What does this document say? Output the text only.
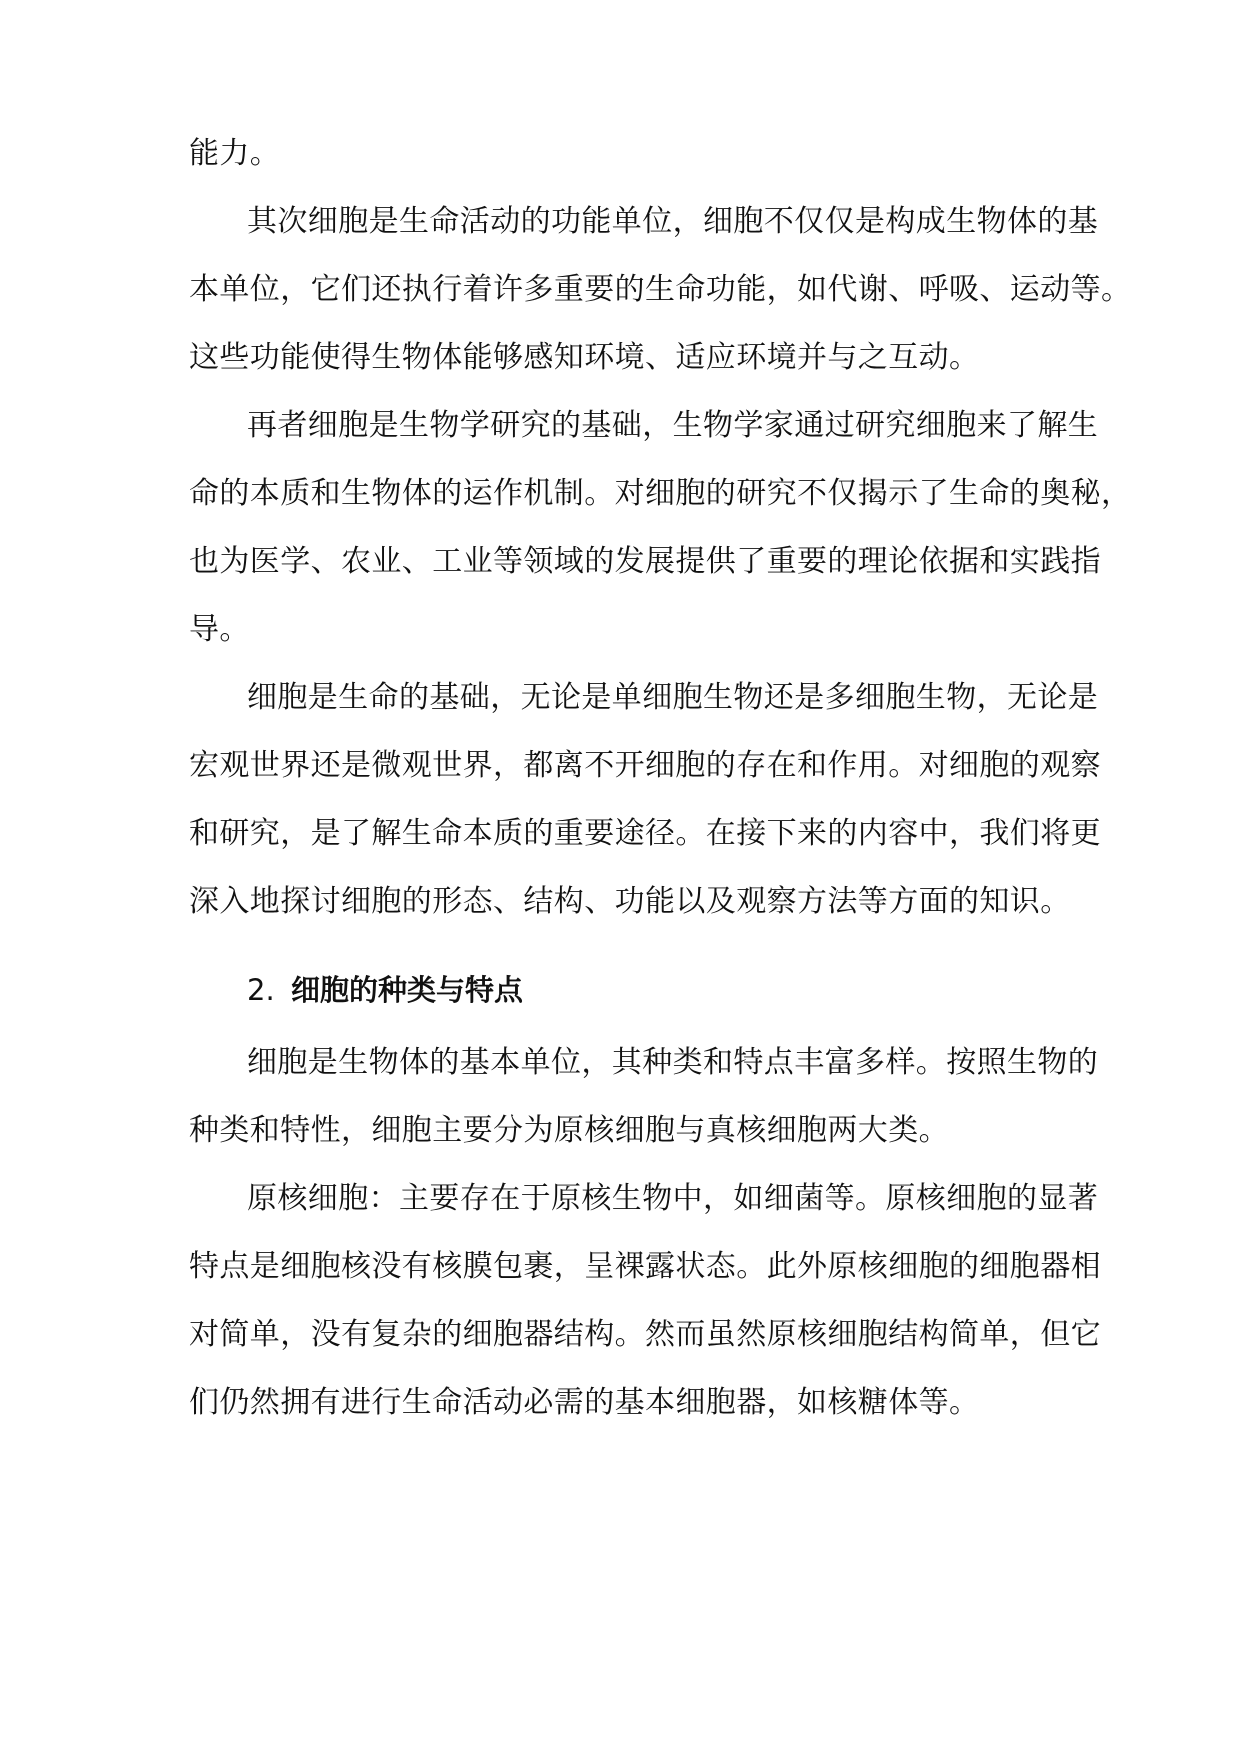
能力。
其次细胞是生命活动的功能单位，细胞不仅仅是构成生物体的基
本单位，它们还执行着许多重要的生命功能，如代谢、呼吸、运动等。
这些功能使得生物体能够感知环境、适应环境并与之互动。
再者细胞是生物学研究的基础，生物学家通过研究细胞来了解生
命的本质和生物体的运作机制。对细胞的研究不仅揭示了生命的奥秘，
也为医学、农业、工业等领域的发展提供了重要的理论依据和实践指
导。
细胞是生命的基础，无论是单细胞生物还是多细胞生物，无论是
宏观世界还是微观世界，都离不开细胞的存在和作用。对细胞的观察
和研究，是了解生命本质的重要途径。在接下来的内容中，我们将更
深入地探讨细胞的形态、结构、功能以及观察方法等方面的知识。
2. 细胞的种类与特点
细胞是生物体的基本单位，其种类和特点丰富多样。按照生物的
种类和特性，细胞主要分为原核细胞与真核细胞两大类。
原核细胞：主要存在于原核生物中，如细菌等。原核细胞的显著
特点是细胞核没有核膜包裹，呈裸露状态。此外原核细胞的细胞器相
对简单，没有复杂的细胞器结构。然而虽然原核细胞结构简单，但它
们仍然拥有进行生命活动必需的基本细胞器，如核糖体等。
